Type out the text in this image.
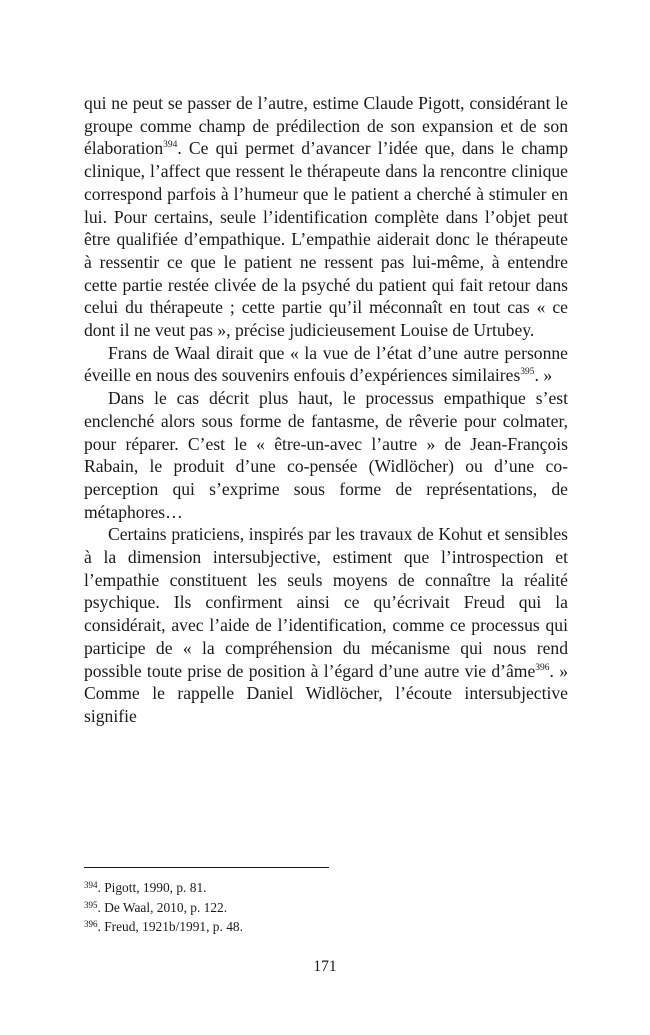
qui ne peut se passer de l’autre, estime Claude Pigott, considérant le groupe comme champ de prédilection de son expansion et de son élaboration$^{394}$. Ce qui permet d’avancer l’idée que, dans le champ clinique, l’affect que ressent le thérapeute dans la rencontre clinique correspond parfois à l’humeur que le patient a cherché à stimuler en lui. Pour certains, seule l’identification complète dans l’objet peut être qualifiée d’empathique. L’empathie aiderait donc le thérapeute à ressentir ce que le patient ne ressent pas lui-même, à entendre cette partie restée clivée de la psyché du patient qui fait retour dans celui du thérapeute ; cette partie qu’il méconnaît en tout cas « ce dont il ne veut pas », précise judicieusement Louise de Urtubey.

Frans de Waal dirait que « la vue de l’état d’une autre personne éveille en nous des souvenirs enfouis d’expériences similaires$^{395}$. »

Dans le cas décrit plus haut, le processus empathique s’est enclenché alors sous forme de fantasme, de rêverie pour colmater, pour réparer. C’est le « être-un-avec l’autre » de Jean-François Rabain, le produit d’une co-pensée (Widlöcher) ou d’une co-perception qui s’exprime sous forme de représentations, de métaphores…

Certains praticiens, inspirés par les travaux de Kohut et sensibles à la dimension intersubjective, estiment que l’introspection et l’empathie constituent les seuls moyens de connaître la réalité psychique. Ils confirment ainsi ce qu’écrivait Freud qui la considérait, avec l’aide de l’identification, comme ce processus qui participe de « la compréhension du mécanisme qui nous rend possible toute prise de position à l’égard d’une autre vie d’âme$^{396}$. » Comme le rappelle Daniel Widlöcher, l’écoute intersubjective signifie

$^{394}$. Pigott, 1990, p. 81.
$^{395}$. De Waal, 2010, p. 122.
$^{396}$. Freud, 1921b/1991, p. 48.
171
